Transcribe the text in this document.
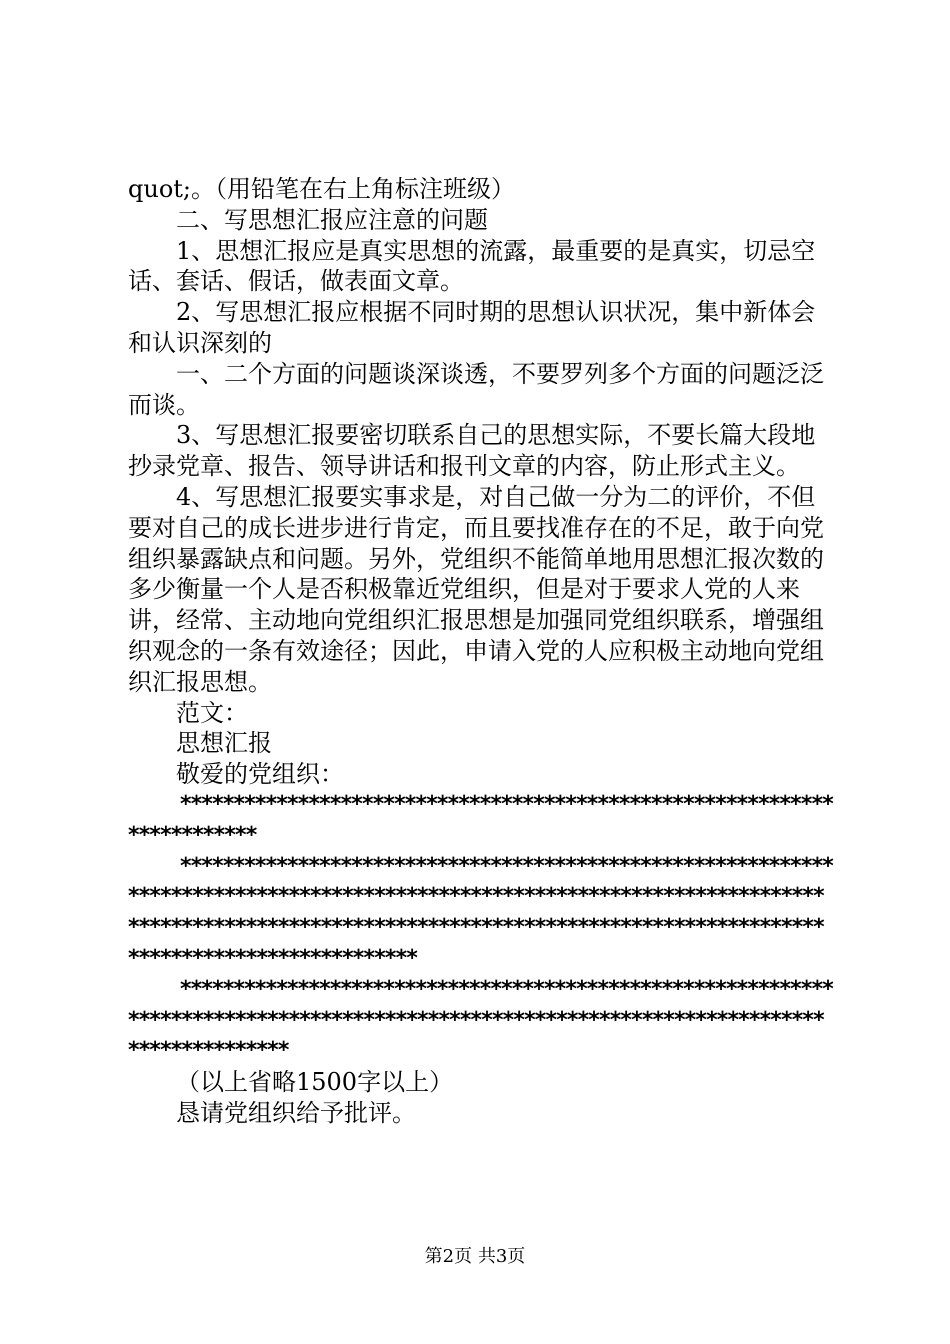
quot;。（用铅笔在右上角标注班级）

二、写思想汇报应注意的问题

1、思想汇报应是真实思想的流露，最重要的是真实，切忌空话、套话、假话，做表面文章。

2、写思想汇报应根据不同时期的思想认识状况，集中新体会和认识深刻的

一、二个方面的问题谈深谈透，不要罗列多个方面的问题泛泛而谈。

3、写思想汇报要密切联系自己的思想实际，不要长篇大段地抄录党章、报告、领导讲话和报刊文章的内容，防止形式主义。

4、写思想汇报要实事求是，对自己做一分为二的评价，不但要对自己的成长进步进行肯定，而且要找准存在的不足，敢于向党组织暴露缺点和问题。另外，党组织不能简单地用思想汇报次数的多少衡量一个人是否积极靠近党组织，但是对于要求人党的人来讲，经常、主动地向党组织汇报思想是加强同党组织联系，增强组织观念的一条有效途径；因此，申请入党的人应积极主动地向党组织汇报思想。

范文：

思想汇报

敬爱的党组织：

*************************************************************************

**************************************************************************************************************************************************************************************************************************

*********************************************************************************************************************************************

（以上省略1500字以上）

恳请党组织给予批评。

第2页 共3页
